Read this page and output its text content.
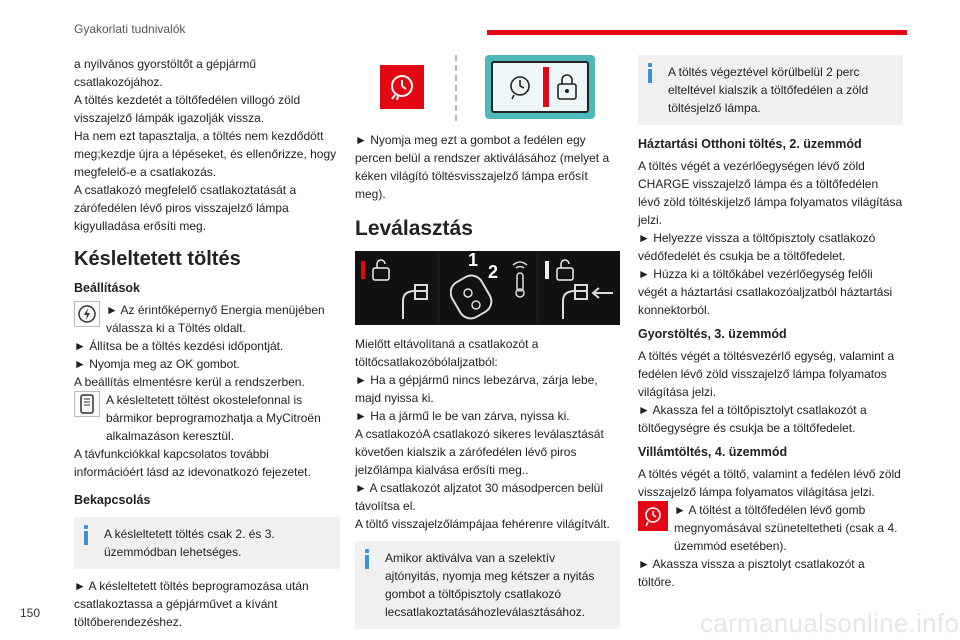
Gyakorlati tudnivalók

a nyilvános gyorstöltőt a gépjármű csatlakozójához.

A töltés kezdetét a töltőfedélen villogó zöld visszajelző lámpák igazolják vissza.

Ha nem ezt tapasztalja, a töltés nem kezdődött meg;kezdje újra a lépéseket, és ellenőrizze, hogy megfelelő-e a csatlakozás.

A csatlakozó megfelelő csatlakoztatását a zárófedélen lévő piros visszajelző lámpa kigyulladása erősíti meg.

Késleltetett töltés
Beállítások

► Az érintőképernyő Energia menüjében válassza ki a Töltés oldalt.

► Állítsa be a töltés kezdési időpontját.

► Nyomja meg az OK gombot.

A beállítás elmentésre kerül a rendszerben.

A késleltetett töltést okostelefonnal is bármikor beprogramozhatja a MyCitroën alkalmazáson keresztül.

A távfunkciókkal kapcsolatos további információért lásd az idevonatkozó fejezetet.

Bekapcsolás

A késleltetett töltés csak 2. és 3. üzemmódban lehetséges.

► A késleltetett töltés beprogramozása után csatlakoztassa a gépjárművet a kívánt töltőberendezéshez.

► Nyomja meg ezt a gombot a fedélen egy percen belül a rendszer aktiválásához (melyet a kéken világító töltésvisszajelző lámpa erősít meg).

Leválasztás
1
2

Mielőtt eltávolítaná a csatlakozót a töltőcsatlakozóbólaljzatból:

► Ha a gépjármű nincs lebezárva, zárja lebe, majd nyissa ki.

► Ha a jármű le be van zárva, nyissa ki.

A csatlakozóA csatlakozó sikeres leválasztását követően kialszik a zárófedélen lévő piros jelzőlámpa kialvása erősíti meg..

► A csatlakozót aljzatot 30 másodpercen belül távolítsa el.

A töltő visszajelzőlámpájaa fehérenre világítvált.

Amikor aktiválva van a szelektív ajtónyitás, nyomja meg kétszer a nyitás gombot a töltőpisztoly csatlakozó lecsatlakoztatásáhozleválasztásához.

A töltés végeztével körülbelül 2 perc elteltével kialszik a töltőfedélen a zöld töltésjelző lámpa.

Háztartási Otthoni töltés, 2. üzemmód

A töltés végét a vezérlőegységen lévő zöld CHARGE visszajelző lámpa és a töltőfedélen lévő zöld töltéskijelző lámpa folyamatos világítása jelzi.

► Helyezze vissza a töltőpisztoly csatlakozó védőfedelét és csukja be a töltőfedelet.

► Húzza ki a töltőkábel vezérlőegység felőli végét a háztartási csatlakozóaljzatból háztartási konnektorból.

Gyorstöltés, 3. üzemmód

A töltés végét a töltésvezérlő egység, valamint a fedélen lévő zöld visszajelző lámpa folyamatos világítása jelzi.

► Akassza fel a töltőpisztolyt csatlakozót a töltőegységre és csukja be a töltőfedelet.

Villámtöltés, 4. üzemmód

A töltés végét a töltő, valamint a fedélen lévő zöld visszajelző lámpa folyamatos világítása jelzi.

► A töltést a töltőfedélen lévő gomb megnyomásával szüneteltetheti (csak a 4. üzemmód esetében).

► Akassza vissza a pisztolyt csatlakozót a töltőre.

150	carmanualsonline.info
